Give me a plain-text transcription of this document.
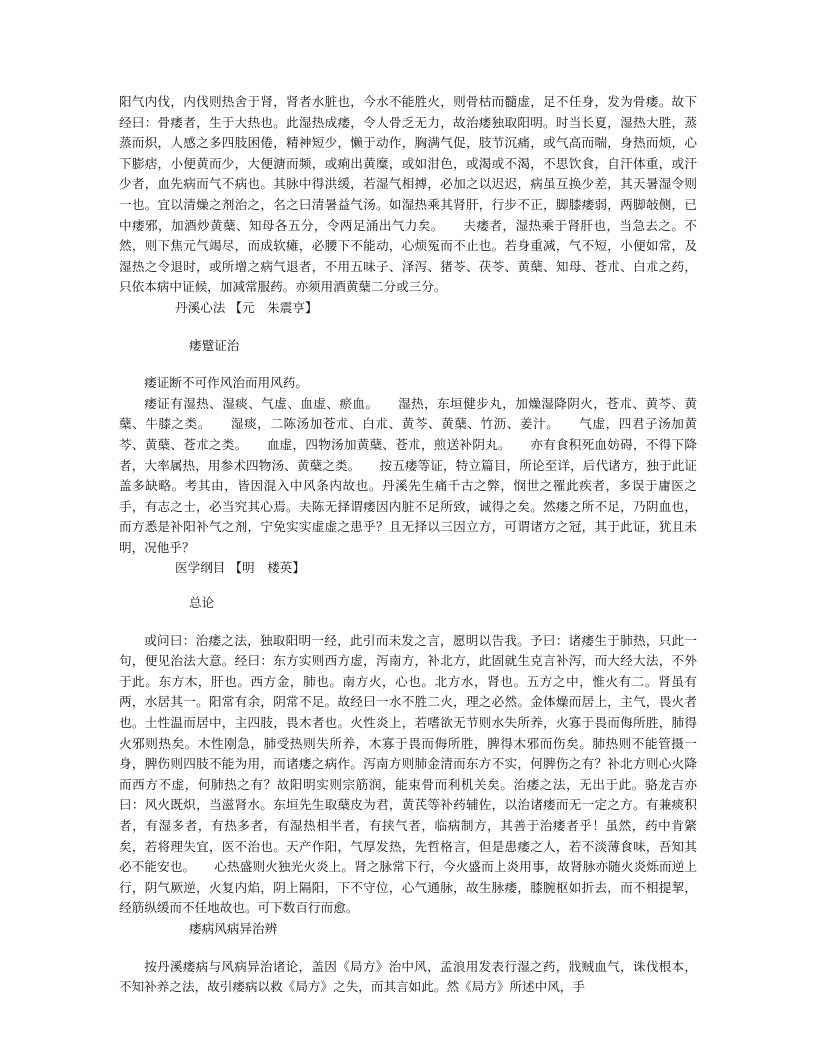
阳气内伐，内伐则热舍于肾，肾者水脏也，今水不能胜火，则骨枯而髓虚，足不任身，发为骨痿。故下经曰：骨痿者，生于大热也。此湿热成痿，令人骨乏无力，故治痿独取阳明。时当长夏，湿热大胜，蒸蒸而炽，人感之多四肢困倦，精神短少，懒于动作，胸满气促，肢节沉痛，或气高而喘，身热而烦，心下膨痞，小便黄而少，大便溏而频，或痢出黄糜，或如泔色，或渴或不渴，不思饮食，自汗体重，或汗少者，血先病而气不病也。其脉中得洪缓，若湿气相搏，必加之以迟迟，病虽互换少差，其天暑湿令则一也。宜以清燥之剂治之，名之曰清暑益气汤。如湿热乘其肾肝，行步不正，脚膝痿弱，两脚敧侧，已中痿邪，加酒炒黄蘖、知母各五分，令两足涌出气力矣。　　夫痿者，湿热乘于肾肝也，当急去之。不然，则下焦元气竭尽，而成软瘫，必腰下不能动，心烦冤而不止也。若身重减，气不短，小便如常，及湿热之令退时，或所增之病气退者，不用五味子、泽泻、猪苓、茯苓、黄蘖、知母、苍朮、白朮之药，只依本病中证候，加减常服药。亦须用酒黄蘖二分或三分。

丹溪心法 【元　朱震亨】

痿躄证治

痿证断不可作风治而用风药。

痿证有湿热、湿痰、气虚、血虚、瘀血。　　湿热，东垣健步丸，加燥湿降阴火，苍朮、黄芩、黄蘖、牛膝之类。　　湿痰，二陈汤加苍朮、白朮、黄芩、黄蘖、竹沥、姜汁。　　气虚，四君子汤加黄芩、黄蘖、苍朮之类。　　血虚，四物汤加黄蘖、苍朮，煎送补阴丸。　　亦有食积死血妨碍，不得下降者，大率属热，用参术四物汤、黄蘖之类。　　按五痿等证，特立篇目，所论至详，后代诸方，独于此证盖多缺略。考其由，皆因混入中风条内故也。丹溪先生痛千古之弊，悯世之罹此疾者，多误于庸医之手，有志之士，必当究其心焉。夫陈无择谓痿因内脏不足所致，诚得之矣。然痿之所不足，乃阴血也，而方悉是补阳补气之剂，宁免实实虚虚之患乎？且无择以三因立方，可谓诸方之冠，其于此证，犹且未明，况他乎？

医学纲目 【明　楼英】

总论

或问曰：治痿之法，独取阳明一经，此引而未发之言，愿明以告我。予曰：诸痿生于肺热，只此一句，便见治法大意。经曰：东方实则西方虚，泻南方，补北方，此固就生克言补泻，而大经大法，不外于此。东方木，肝也。西方金，肺也。南方火，心也。北方水，肾也。五方之中，惟火有二。肾虽有两，水居其一。阳常有余，阴常不足。故经曰一水不胜二火，理之必然。金体燥而居上，主气，畏火者也。土性温而居中，主四肢，畏木者也。火性炎上，若嗜欲无节则水失所养，火寡于畏而侮所胜，肺得火邪则热矣。木性刚急，肺受热则失所养，木寡于畏而侮所胜，脾得木邪而伤矣。肺热则不能管摄一身，脾伤则四肢不能为用，而诸痿之病作。泻南方则肺金清而东方不实，何脾伤之有？补北方则心火降而西方不虚，何肺热之有？故阳明实则宗筋润，能束骨而利机关矣。治痿之法，无出于此。骆龙吉亦曰：风火既炽，当滋肾水。东垣先生取蘖皮为君，黄芪等补药辅佐，以治诸痿而无一定之方。有兼痰积者，有湿多者，有热多者，有湿热相半者，有挟气者，临病制方，其善于治痿者乎！虽然，药中肯綮矣，若将理失宜，医不治也。天产作阳，气厚发热，先哲格言，但是患痿之人，若不淡薄食味，吾知其必不能安也。　　心热盛则火独光火炎上。肾之脉常下行，今火盛而上炎用事，故肾脉亦随火炎烁而逆上行，阴气厥逆，火复内焰，阴上隔阳，下不守位，心气通脉，故生脉痿，膝腕枢如折去，而不相提挈，经筋纵缓而不任地故也。可下数百行而愈。

痿病风病异治辨

按丹溪痿病与风病异治诸论，盖因《局方》治中风，孟浪用发表行湿之药，戕贼血气，诛伐根本，不知补养之法，故引痿病以救《局方》之失，而其言如此。然《局方》所述中风，手
